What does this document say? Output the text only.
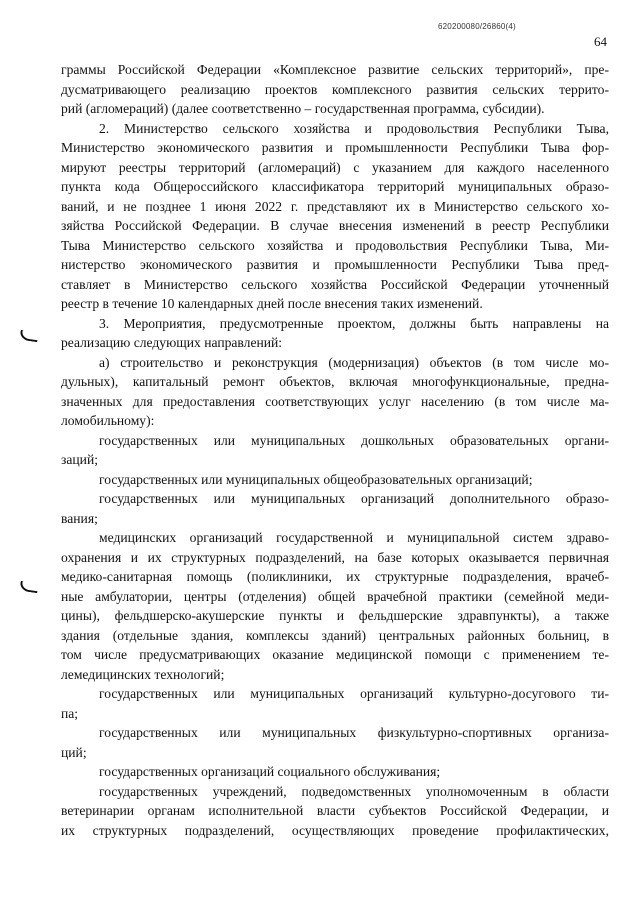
620200080/26860(4)
64
граммы Российской Федерации «Комплексное развитие сельских территорий», пре-
дусматривающего реализацию проектов комплексного развития сельских террито-
рий (агломераций) (далее соответственно – государственная программа, субсидии).
2. Министерство сельского хозяйства и продовольствия Республики Тыва,
Министерство экономического развития и промышленности Республики Тыва фор-
мируют реестры территорий (агломераций) с указанием для каждого населенного
пункта кода Общероссийского классификатора территорий муниципальных образо-
ваний, и не позднее 1 июня 2022 г. представляют их в Министерство сельского хо-
зяйства Российской Федерации. В случае внесения изменений в реестр Республики
Тыва Министерство сельского хозяйства и продовольствия Республики Тыва, Ми-
нистерство экономического развития и промышленности Республики Тыва пред-
ставляет в Министерство сельского хозяйства Российской Федерации уточненный
реестр в течение 10 календарных дней после внесения таких изменений.
3. Мероприятия, предусмотренные проектом, должны быть направлены на
реализацию следующих направлений:
а) строительство и реконструкция (модернизация) объектов (в том числе мо-
дульных), капитальный ремонт объектов, включая многофункциональные, предна-
значенных для предоставления соответствующих услуг населению (в том числе ма-
ломобильному):
государственных или муниципальных дошкольных образовательных органи-
заций;
государственных или муниципальных общеобразовательных организаций;
государственных или муниципальных организаций дополнительного образо-
вания;
медицинских организаций государственной и муниципальной систем здраво-
охранения и их структурных подразделений, на базе которых оказывается первичная
медико-санитарная помощь (поликлиники, их структурные подразделения, врачеб-
ные амбулатории, центры (отделения) общей врачебной практики (семейной меди-
цины), фельдшерско-акушерские пункты и фельдшерские здравпункты), а также
здания (отдельные здания, комплексы зданий) центральных районных больниц, в
том числе предусматривающих оказание медицинской помощи с применением те-
лемедицинских технологий;
государственных или муниципальных организаций культурно-досугового ти-
па;
государственных или муниципальных физкультурно-спортивных организа-
ций;
государственных организаций социального обслуживания;
государственных учреждений, подведомственных уполномоченным в области
ветеринарии органам исполнительной власти субъектов Российской Федерации, и
их структурных подразделений, осуществляющих проведение профилактических,
